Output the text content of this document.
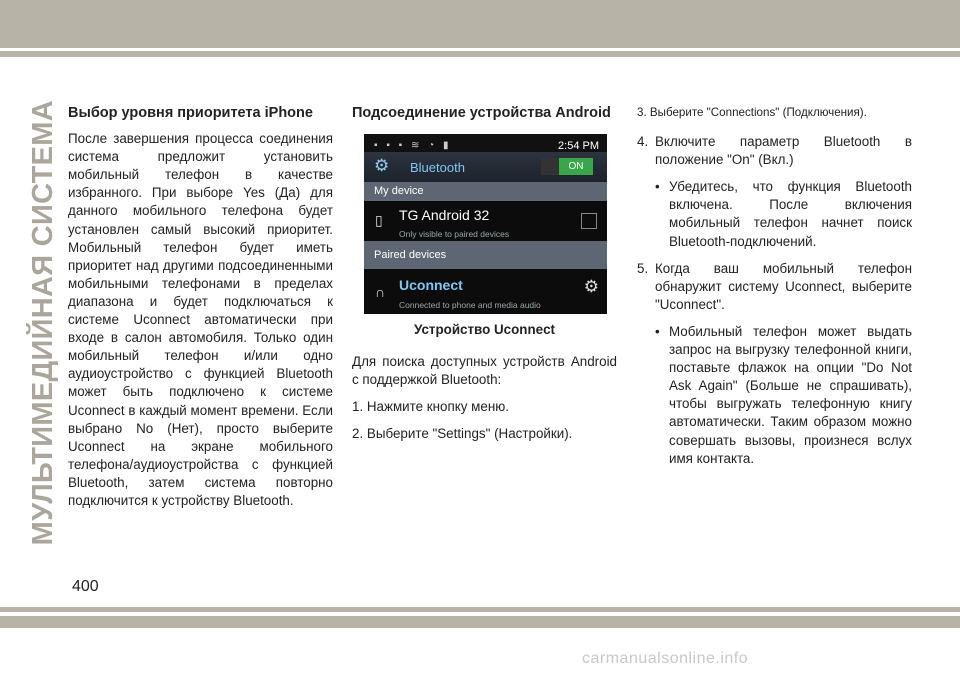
МУЛЬТИМЕДИЙНАЯ СИСТЕМА Выбор уровня приоритета iPhone

После завершения процесса соединения система предложит установить мобильный телефон в качестве избранного. При выборе Yes (Да) для данного мобильного телефона будет установлен самый высокий приоритет. Мобильный телефон будет иметь приоритет над другими подсоединенными мобильными телефонами в пределах диапазона и будет подключаться к системе Uconnect автоматически при входе в салон автомобиля. Только один мобильный телефон и/или одно аудиоустройство с функцией Bluetooth может быть подключено к системе Uconnect в каждый момент времени. Если выбрано No (Нет), просто выберите Uconnect на экране мобильного телефона/аудиоустройства с функцией Bluetooth, затем система повторно подключится к устройству Bluetooth.

Подсоединение устройства Android
▪ ▪ ▪ ≋ ◔ ▮	2:54 PM
⚙ Bluetooth	ON
My device
▯ TG Android 32
Only visible to paired devices
Paired devices
∩ Uconnect
Connected to phone and media audio
⚙
Устройство Uconnect

Для поиска доступных устройств Android с поддержкой Bluetooth:

1. Нажмите кнопку меню.

2. Выберите "Settings" (Настройки).

3. Выберите "Connections" (Подключения).

4. Включите параметр Bluetooth в положение "On" (Вкл.)
• Убедитесь, что функция Bluetooth включена. После включения мобильный телефон начнет поиск Bluetooth-подключений.
5. Когда ваш мобильный телефон обнаружит систему Uconnect, выберите "Uconnect".
• Мобильный телефон может выдать запрос на выгрузку телефонной книги, поставьте флажок на опции "Do Not Ask Again" (Больше не спрашивать), чтобы выгружать телефонную книгу автоматически. Таким образом можно совершать вызовы, произнеся вслух имя контакта.
400
carmanualsonline.info
